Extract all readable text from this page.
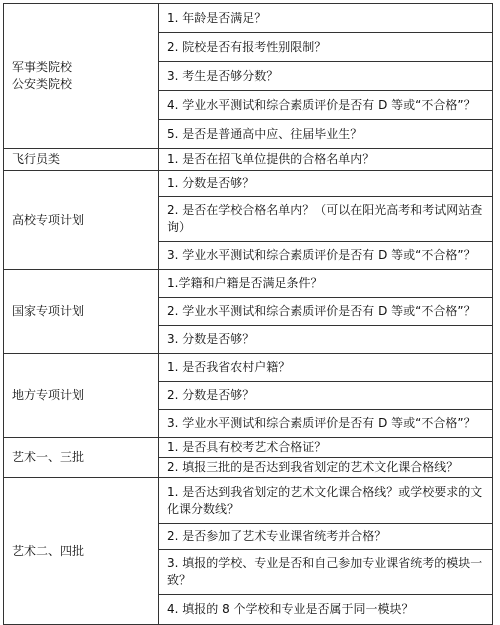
军事类院校
公安类院校	1. 年龄是否满足？
	2. 院校是否有报考性别限制？
	3. 考生是否够分数？
	4. 学业水平测试和综合素质评价是否有 D 等或“不合格”？
	5. 是否是普通高中应、往届毕业生？

飞行员类	1. 是否在招飞单位提供的合格名单内？

高校专项计划	1. 分数是否够？
	2. 是否在学校合格名单内？（可以在阳光高考和考试网站查询）
	3. 学业水平测试和综合素质评价是否有 D 等或“不合格”？

国家专项计划	1.学籍和户籍是否满足条件？
	2. 学业水平测试和综合素质评价是否有 D 等或“不合格”？
	3. 分数是否够？

地方专项计划	1. 是否我省农村户籍？
	2. 分数是否够？
	3. 学业水平测试和综合素质评价是否有 D 等或“不合格”？

艺术一、三批	1. 是否具有校考艺术合格证？
	2. 填报三批的是否达到我省划定的艺术文化课合格线？

艺术二、四批	1. 是否达到我省划定的艺术文化课合格线？或学校要求的文化课分数线？
	2. 是否参加了艺术专业课省统考并合格？
	3. 填报的学校、专业是否和自己参加专业课省统考的模块一致？
	4. 填报的 8 个学校和专业是否属于同一模块？
